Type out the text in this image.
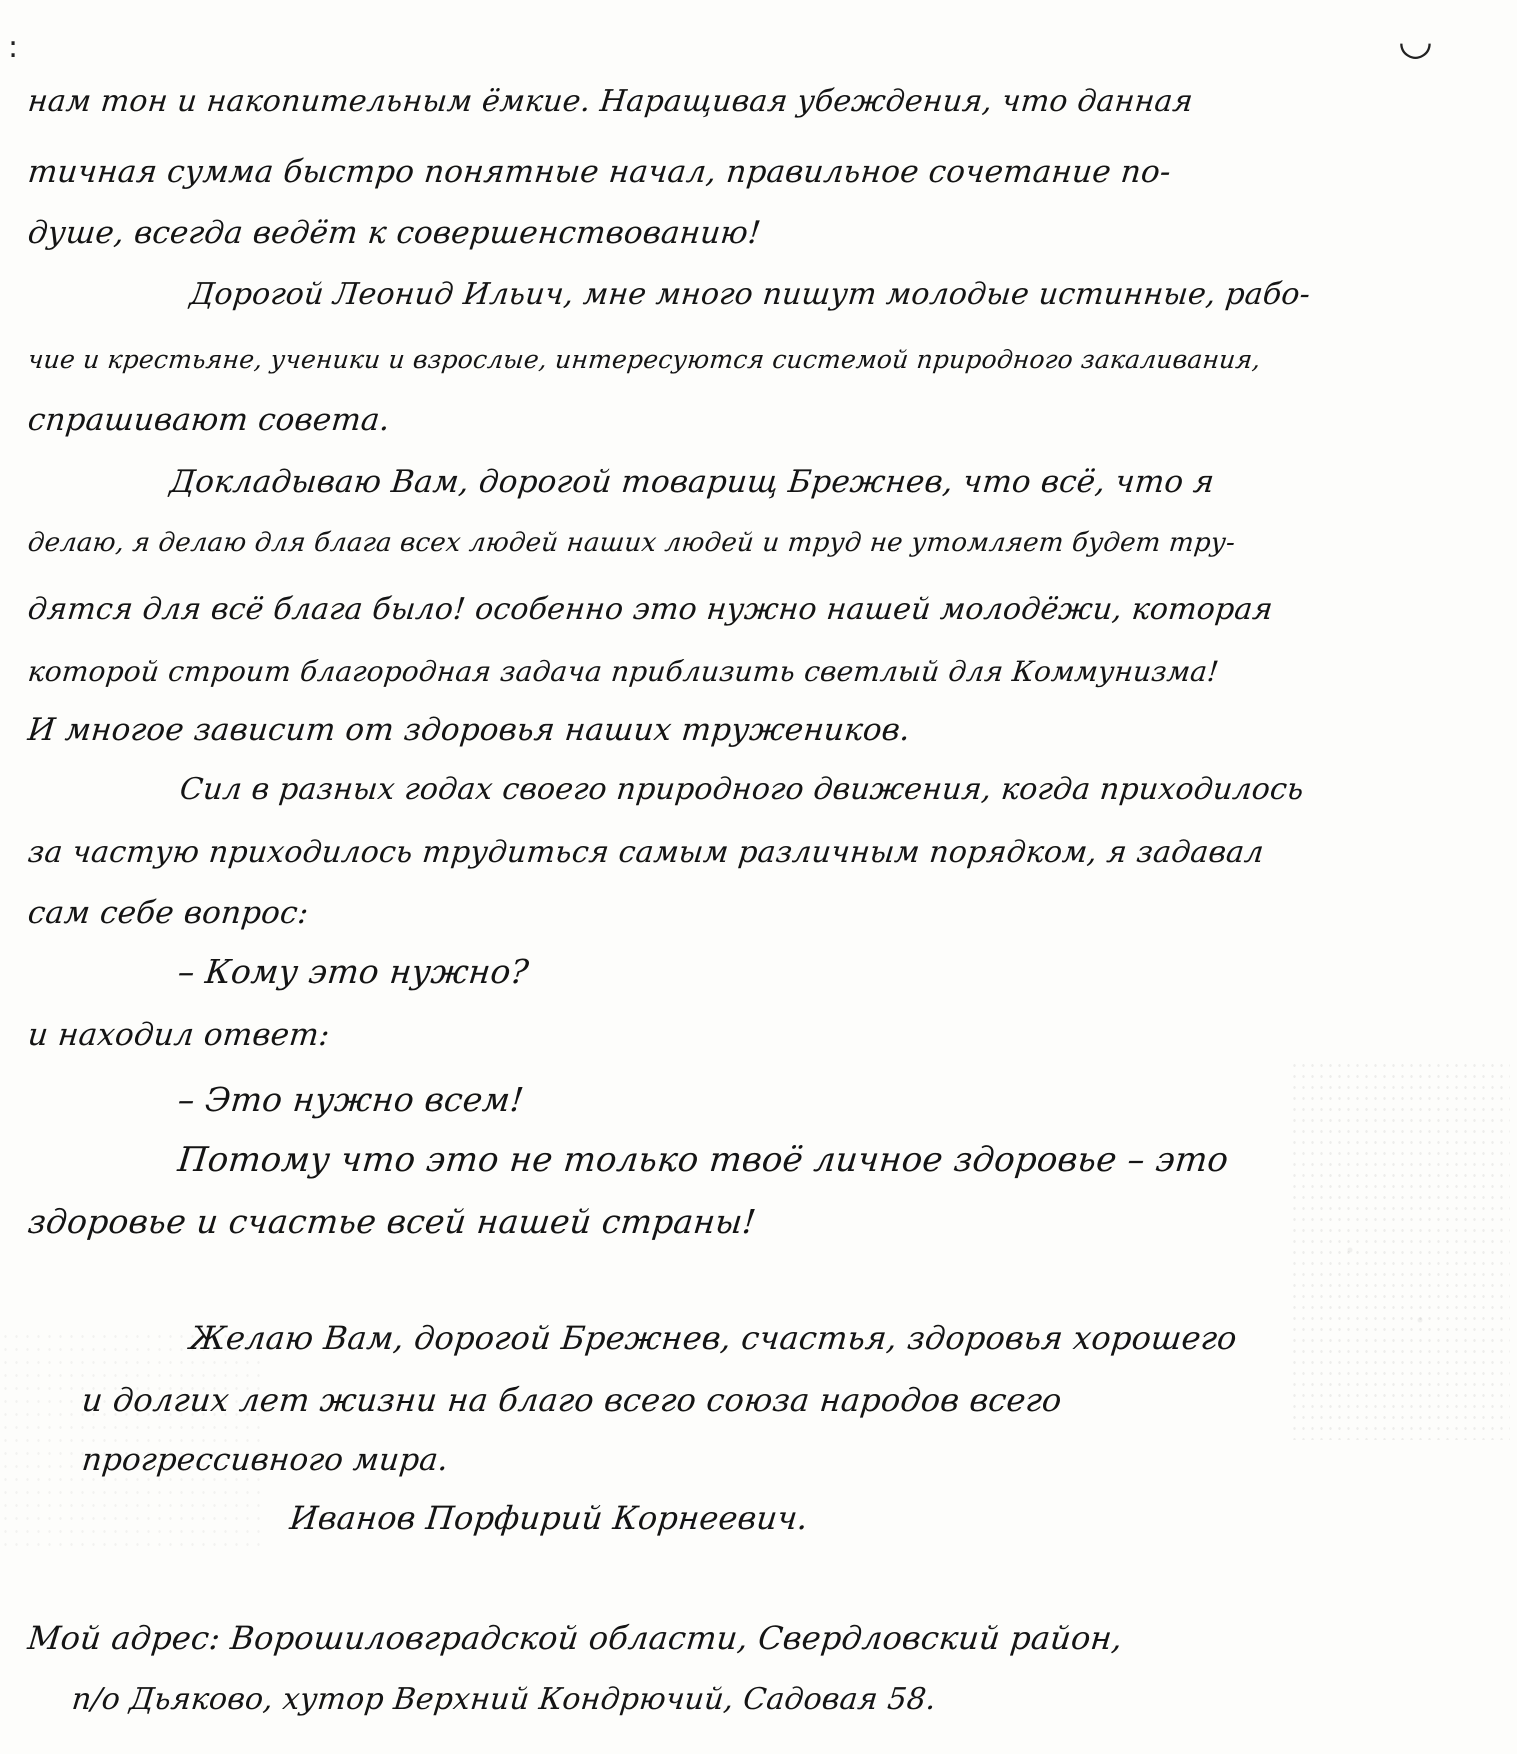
◡
:
нам тон и накопительным ёмкие. Наращивая убеждения, что данная
тичная сумма быстро понятные начал, правильное сочетание по-
душе, всегда ведёт к совершенствованию!
Дорогой Леонид Ильич, мне много пишут молодые истинные, рабо-
чие и крестьяне, ученики и взрослые, интересуются системой природного закаливания,
спрашивают совета.
Докладываю Вам, дорогой товарищ Брежнев, что всё, что я
делаю, я делаю для блага всех людей наших людей и труд не утомляет будет тру-
дятся для всё блага было! особенно это нужно нашей молодёжи, которая
которой строит благородная задача приблизить светлый для Коммунизма!
И многое зависит от здоровья наших тружеников.
Сил в разных годах своего природного движения, когда приходилось
за частую приходилось трудиться самым различным порядком, я задавал
сам себе вопрос:
– Кому это нужно?
и находил ответ:
– Это нужно всем!
Потому что это не только твоё личное здоровье – это
здоровье и счастье всей нашей страны!
Желаю Вам, дорогой Брежнев, счастья, здоровья хорошего
и долгих лет жизни на благо всего союза народов всего
прогрессивного мира.
Иванов Порфирий Корнеевич.
Мой адрес: Ворошиловградской области, Свердловский район,
п/о Дьяково, хутор Верхний Кондрючий, Садовая 58.
